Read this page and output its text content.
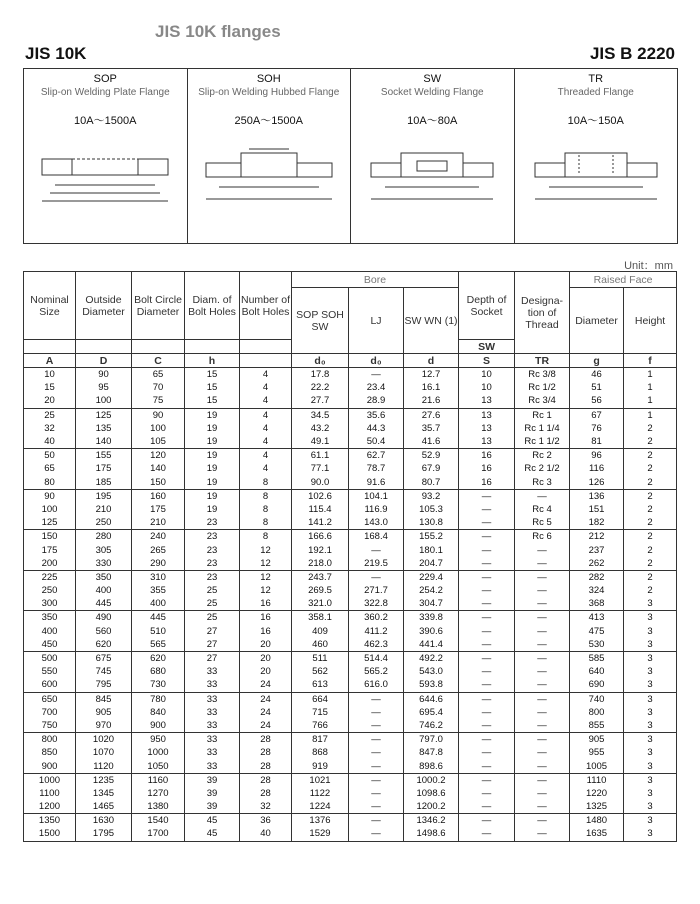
JIS 10K flanges
JIS 10K	JIS B 2220
SOP
Slip-on Welding Plate Flange
10A～1500A
SOH
Slip-on Welding Hubbed Flange
250A～1500A
SW
Socket Welding Flange
10A～80A
TR
Threaded Flange
10A～150A
Unit：mm
Nominal Size	Outside Diameter	Bolt Circle Diameter	Diam. of Bolt Holes	Number of Bolt Holes	Bore			Depth of Socket	Designa-tion of Thread	Raised Face	
					SOP SOH SW	LJ	SW WN (1)			Diameter	Height
								SW			
A	D	C	h		d₀	d₀	d	S	TR	g	f
10	90	65	15	4	17.8	—	12.7	10	Rc 3/8	46	1
15	95	70	15	4	22.2	23.4	16.1	10	Rc 1/2	51	1
20	100	75	15	4	27.7	28.9	21.6	13	Rc 3/4	56	1
25	125	90	19	4	34.5	35.6	27.6	13	Rc 1	67	1
32	135	100	19	4	43.2	44.3	35.7	13	Rc 1 1/4	76	2
40	140	105	19	4	49.1	50.4	41.6	13	Rc 1 1/2	81	2
50	155	120	19	4	61.1	62.7	52.9	16	Rc 2	96	2
65	175	140	19	4	77.1	78.7	67.9	16	Rc 2 1/2	116	2
80	185	150	19	8	90.0	91.6	80.7	16	Rc 3	126	2
90	195	160	19	8	102.6	104.1	93.2	—	—	136	2
100	210	175	19	8	115.4	116.9	105.3	—	Rc 4	151	2
125	250	210	23	8	141.2	143.0	130.8	—	Rc 5	182	2
150	280	240	23	8	166.6	168.4	155.2	—	Rc 6	212	2
175	305	265	23	12	192.1	—	180.1	—	—	237	2
200	330	290	23	12	218.0	219.5	204.7	—	—	262	2
225	350	310	23	12	243.7	—	229.4	—	—	282	2
250	400	355	25	12	269.5	271.7	254.2	—	—	324	2
300	445	400	25	16	321.0	322.8	304.7	—	—	368	3
350	490	445	25	16	358.1	360.2	339.8	—	—	413	3
400	560	510	27	16	409	411.2	390.6	—	—	475	3
450	620	565	27	20	460	462.3	441.4	—	—	530	3
500	675	620	27	20	511	514.4	492.2	—	—	585	3
550	745	680	33	20	562	565.2	543.0	—	—	640	3
600	795	730	33	24	613	616.0	593.8	—	—	690	3
650	845	780	33	24	664	—	644.6	—	—	740	3
700	905	840	33	24	715	—	695.4	—	—	800	3
750	970	900	33	24	766	—	746.2	—	—	855	3
800	1020	950	33	28	817	—	797.0	—	—	905	3
850	1070	1000	33	28	868	—	847.8	—	—	955	3
900	1120	1050	33	28	919	—	898.6	—	—	1005	3
1000	1235	1160	39	28	1021	—	1000.2	—	—	1110	3
1100	1345	1270	39	28	1122	—	1098.6	—	—	1220	3
1200	1465	1380	39	32	1224	—	1200.2	—	—	1325	3
1350	1630	1540	45	36	1376	—	1346.2	—	—	1480	3
1500	1795	1700	45	40	1529	—	1498.6	—	—	1635	3
